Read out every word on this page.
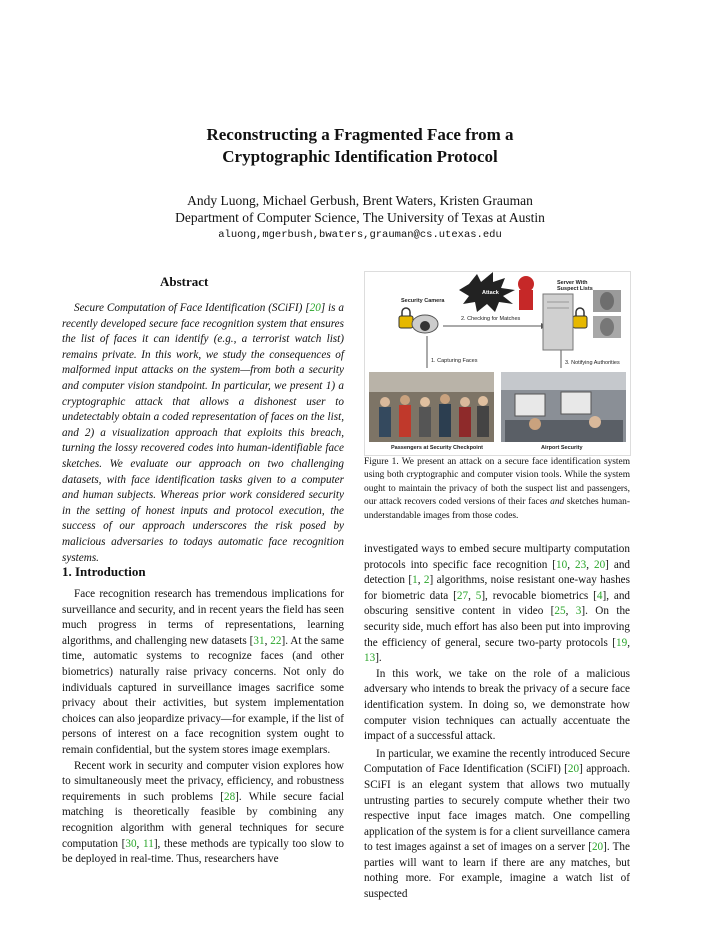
Reconstructing a Fragmented Face from a
Cryptographic Identification Protocol
Andy Luong, Michael Gerbush, Brent Waters, Kristen Grauman
Department of Computer Science, The University of Texas at Austin
aluong,mgerbush,bwaters,grauman@cs.utexas.edu
Abstract

Secure Computation of Face Identification (SCiFI) [20] is a recently developed secure face recognition system that ensures the list of faces it can identify (e.g., a terrorist watch list) remains private. In this work, we study the consequences of malformed input attacks on the system—from both a security and computer vision standpoint. In particular, we present 1) a cryptographic attack that allows a dishonest user to undetectably obtain a coded representation of faces on the list, and 2) a visualization approach that exploits this breach, turning the lossy recovered codes into human-identifiable face sketches. We evaluate our approach on two challenging datasets, with face identification tasks given to a computer and human subjects. Whereas prior work considered security in the setting of honest inputs and protocol execution, the success of our approach underscores the risk posed by malicious adversaries to todays automatic face recognition systems.

1. Introduction

Face recognition research has tremendous implications for surveillance and security, and in recent years the field has seen much progress in terms of representations, learning algorithms, and challenging new datasets [31, 22]. At the same time, automatic systems to recognize faces (and other biometrics) naturally raise privacy concerns. Not only do individuals captured in surveillance images sacrifice some privacy about their activities, but system implementation choices can also jeopardize privacy—for example, if the list of persons of interest on a face recognition system ought to remain confidential, but the system stores image exemplars.

Recent work in security and computer vision explores how to simultaneously meet the privacy, efficiency, and robustness requirements in such problems [28]. While secure facial matching is theoretically feasible by combining any recognition algorithm with general techniques for secure computation [30, 11], these methods are typically too slow to be deployed in real-time. Thus, researchers have

Attack
Server With Suspect Lists
Security Camera
2. Checking for Matches
1. Capturing Faces	3. Notifying Authorities
Passengers at Security Checkpoint	Airport Security
Figure 1. We present an attack on a secure face identification system using both cryptographic and computer vision tools. While the system ought to maintain the privacy of both the suspect list and passengers, our attack recovers coded versions of their faces and sketches human-understandable images from those codes.

investigated ways to embed secure multiparty computation protocols into specific face recognition [10, 23, 20] and detection [1, 2] algorithms, noise resistant one-way hashes for biometric data [27, 5], revocable biometrics [4], and obscuring sensitive content in video [25, 3]. On the security side, much effort has also been put into improving the efficiency of general, secure two-party protocols [19, 13].

In this work, we take on the role of a malicious adversary who intends to break the privacy of a secure face identification system. In doing so, we demonstrate how computer vision techniques can actually accentuate the impact of a successful attack.

In particular, we examine the recently introduced Secure Computation of Face Identification (SCiFI) [20] approach. SCiFI is an elegant system that allows two mutually untrusting parties to securely compute whether their two respective input face images match. One compelling application of the system is for a client surveillance camera to test images against a set of images on a server [20]. The parties will want to learn if there are any matches, but nothing more. For example, imagine a watch list of suspected
